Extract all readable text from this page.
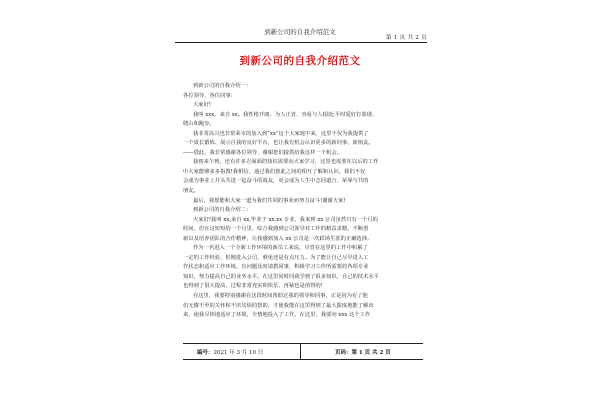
到新公司的自我介绍范文
第 1 页 共 2 页
到新公司的自我介绍范文
到新公司的自我介绍一：
各位领导、各位同事：
大家好!
我叫 xxx，来自 xx。我性格开朗、为人正直、容易与人相处;平时爱好打篮球、
爬山和跑步。
我非常高兴也非常荣幸的加入到“xx”这个大家庭中来，这里不仅为我提供了
一个成长锻炼、展示自我的良好平台，也让我有机会认识更多的新同事、新朋友。
——借此，我非常感谢各位领导、谢谢您们提供给我这样一个机会。
我初来乍到，还有许多方面面的知识需要向大家学习，这里也需要在以后的工作
中大家能够多多指教!我相信，通过我们彼此之间的相互了解和认识，我们不仅
会成为事业上并头共进一起奋斗的战友，更会成为人生中志同道合、荣辱与共的
朋友。
最后，我愿能和大家一道为我们共同的事业而努力奋斗!谢谢大家!
到新公司的自我介绍二：
大家好!我叫 xx,来自 xx,毕业于 xx,xx 专业，我来到 xx 公司虽然只有一个月的
时间，但在这短短的一个月里，综合我感到公司领导对工作的精益求精，不断创
新以及培养团队的合作精神，让我感到加入 xx 公司是一次跃场生涯的正确选择。
作为一名进入一个全新工作环境的新员工来说，尽管在这里的工作中积累了
一定的工作经验，但刚进入公司，难免还是有点压力。为了能让自己尽早进入工
作状态和适应工作环境，有问题及时请教同事，积极学习工作所需要的各项专业
知识，努力提高自己的业务水平。在这里同时同我学到了很多知识，自己的技术水平
也得到了很大提高，过程非常充实和快乐，再紧也是值得的!
在这里，我要特别感谢在这段时间帮助过我的领导和同事，正是因为有了他
们无微不至的关怀和不厌其烦的帮助，才使我能在这里得到了最大限度地能了解出
来，使我尽快地适应了环境，全情地投入了工作。在这里，我要向 xxx 这个工作
编号：2021 年 3 月 10 日	页码：第 1 页 共 2 页
